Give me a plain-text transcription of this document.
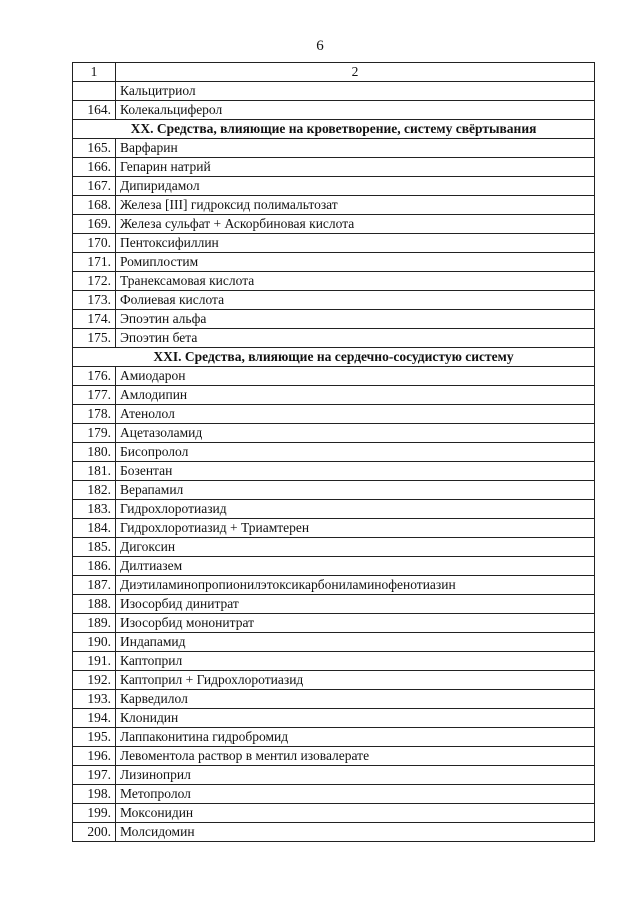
6
1	2
	Кальцитриол
164.	Колекальциферол
XX. Средства, влияющие на кроветворение, систему свёртывания	
165.	Варфарин
166.	Гепарин натрий
167.	Дипиридамол
168.	Железа [III] гидроксид полимальтозат
169.	Железа сульфат + Аскорбиновая кислота
170.	Пентоксифиллин
171.	Ромиплостим
172.	Транексамовая кислота
173.	Фолиевая кислота
174.	Эпоэтин альфа
175.	Эпоэтин бета
XXI. Средства, влияющие на сердечно-сосудистую систему	
176.	Амиодарон
177.	Амлодипин
178.	Атенолол
179.	Ацетазоламид
180.	Бисопролол
181.	Бозентан
182.	Верапамил
183.	Гидрохлоротиазид
184.	Гидрохлоротиазид + Триамтерен
185.	Дигоксин
186.	Дилтиазем
187.	Диэтиламинопропионилэтоксикарбониламинофенотиазин
188.	Изосорбид динитрат
189.	Изосорбид мононитрат
190.	Индапамид
191.	Каптоприл
192.	Каптоприл + Гидрохлоротиазид
193.	Карведилол
194.	Клонидин
195.	Лаппаконитина гидробромид
196.	Левоментола раствор в ментил изовалерате
197.	Лизиноприл
198.	Метопролол
199.	Моксонидин
200.	Молсидомин
